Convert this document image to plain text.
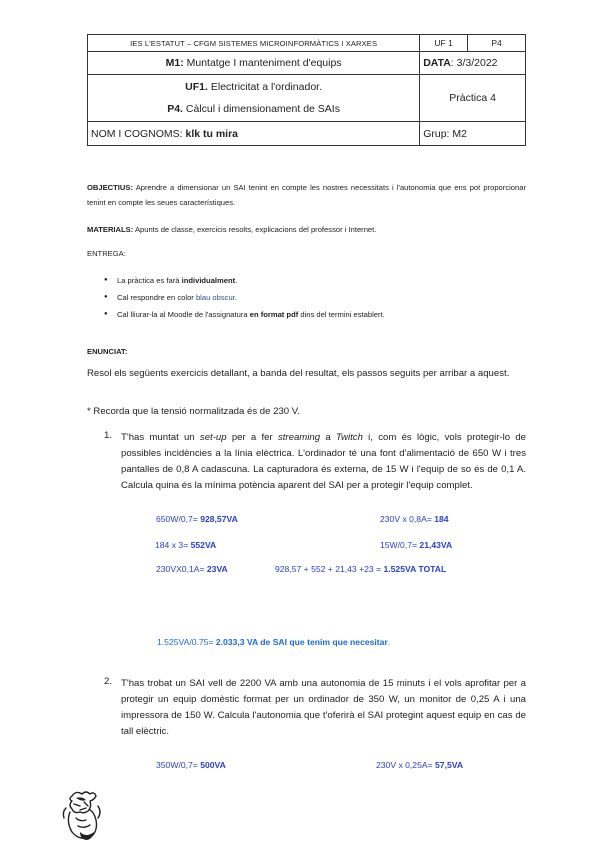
IES L'ESTATUT – CFGM SISTEMES MICROINFORMÀTICS I XARXES	UF 1	P4
M1: Muntatge I manteniment d'equips	DATA: 3/3/2022	

UF1. Electricitat a l'ordinador.
P4. Càlcul i dimensionament de SAIs	Pràctica 4	
NOM I COGNOMS: klk tu mira	Grup: M2	
OBJECTIUS: Aprendre a dimensionar un SAI tenint en compte les nostres necessitats i l'autonomia que ens pot proporcionar tenint en compte les seues característiques.
MATERIALS: Apunts de classe, exercicis resolts, explicacions del professor i Internet.
ENTREGA:
● La pràctica es farà individualment.
● Cal respondre en color blau obscur.
● Cal lliurar-la al Moodle de l'assignatura en format pdf dins del termini establert.
ENUNCIAT:
Resol els següents exercicis detallant, a banda del resultat, els passos seguits per arribar a aquest.
* Recorda que la tensió normalitzada és de 230 V.
1. T'has muntat un set-up per a fer streaming a Twitch i, com és lògic, vols protegir-lo de possibles incidències a la línia elèctrica. L'ordinador té una font d'alimentació de 650 W i tres pantalles de 0,8 A cadascuna. La capturadora és externa, de 15 W i l'equip de so és de 0,1 A. Calcula quina és la mínima potència aparent del SAI per a protegir l'equip complet.
650W/0,7= 928,57VA	230V x 0,8A= 184
184 x 3= 552VA	15W/0,7= 21,43VA
230VX0,1A= 23VA	928,57 + 552 + 21,43 +23 = 1.525VA TOTAL
1.525VA/0.75= 2.033,3 VA de SAI que tenim que necesitar.
2. T'has trobat un SAI vell de 2200 VA amb una autonomia de 15 minuts i el vols aprofitar per a protegir un equip domèstic format per un ordinador de 350 W, un monitor de 0,25 A i una impressora de 150 W. Calcula l'autonomia que t'oferirà el SAI protegint aquest equip en cas de tall elèctric.
350W/0,7= 500VA	230V x 0,25A= 57,5VA
